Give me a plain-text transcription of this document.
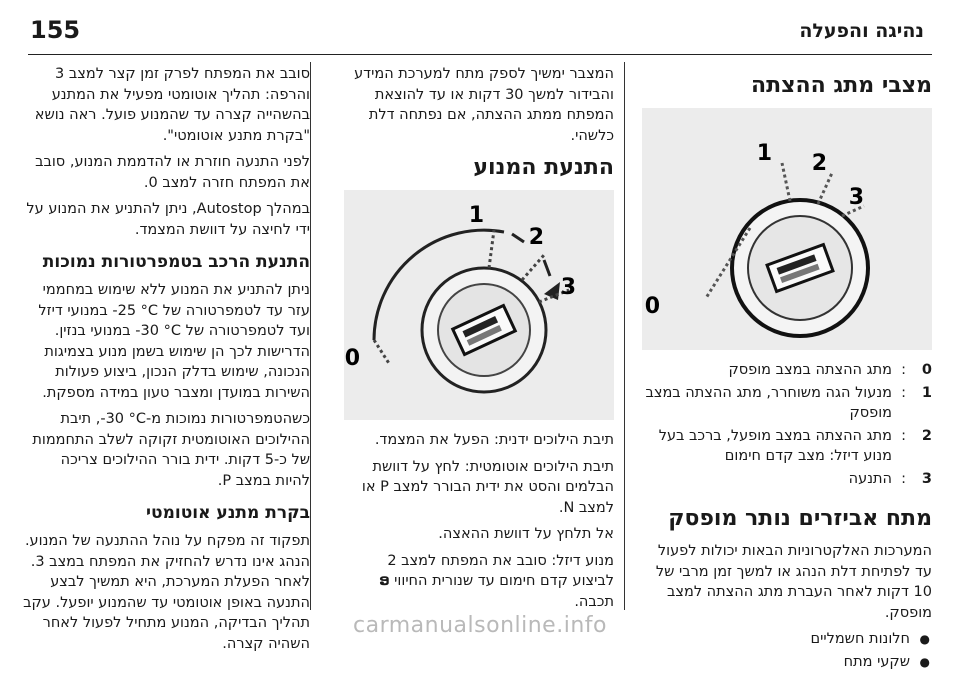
155	נהיגה והפעלה
מצבי מתג ההצתה
0
1 2
3
0
:
מתג ההצתה במצב מופסק
1
:
מנעול הגה משוחרר, מתג ההצתה במצב מופסק
2
:
מתג ההצתה במצב מופעל, ברכב בעל מנוע דיזל: מצב קדם חימום
3
:
התנעה
מתח אביזרים נותר מופסק

המערכות האלקטרוניות הבאות יכולות לפעול עד לפתיחת דלת הנהג או למשך זמן מרבי של 10 דקות לאחר העברת מתג ההצתה למצב מופסק.

● חלונות חשמליים
● שקעי מתח

המצבר ימשיך לספק מתח למערכת המידע והבידור למשך 30 דקות או עד להוצאת המפתח ממתג ההצתה, אם נפתחה דלת כלשהי.

התנעת המנוע
0
1
2
3

תיבת הילוכים ידנית: הפעל את המצמד.

תיבת הילוכים אוטומטית: לחץ על דוושת הבלמים והסט את ידית הבורר למצב P או למצב N.

אל תלחץ על דוושת ההאצה.

מנוע דיזל: סובב את המפתח למצב 2 לביצוע קדם חימום עד שנורית החיווי ອ תכבה.

סובב את המפתח לפרק זמן קצר למצב 3 והרפה: תהליך אוטומטי מפעיל את המתנע בהשהייה קצרה עד שהמנוע פועל. ראה נושא "בקרת מתנע אוטומטי".

לפני התנעה חוזרת או להדממת המנוע, סובב את המפתח חזרה למצב 0.

במהלך Autostop, ניתן להתניע את המנוע על ידי לחיצה על דוושת המצמד.

התנעת הרכב בטמפרטורות נמוכות

ניתן להתניע את המנוע ללא שימוש במחממי עזר עד לטמפרטורה של ‎-25 °C במנועי דיזל ועד לטמפרטורה של ‎-30 °C במנועי בנזין. הדרישות לכך הן שימוש בשמן מנוע בצמיגות הנכונה, שימוש בדלק הנכון, ביצוע פעולות השירות במועדן ומצבר טעון במידה מספקת.

כשהטמפרטורות נמוכות מ-‎-30 °C, תיבת ההילוכים האוטומטית זקוקה לשלב התחממות של כ-5 דקות. ידית בורר ההילוכים צריכה להיות במצב P.

בקרת מתנע אוטומטי

תפקוד זה מפקח על נוהל ההתנעה של המנוע. הנהג אינו נדרש להחזיק את המפתח במצב 3. לאחר הפעלת המערכת, היא תמשיך לבצע התנעה באופן אוטומטי עד שהמנוע יופעל. עקב תהליך הבדיקה, המנוע מתחיל לפעול לאחר השהיה קצרה.

carmanualsonline.info
